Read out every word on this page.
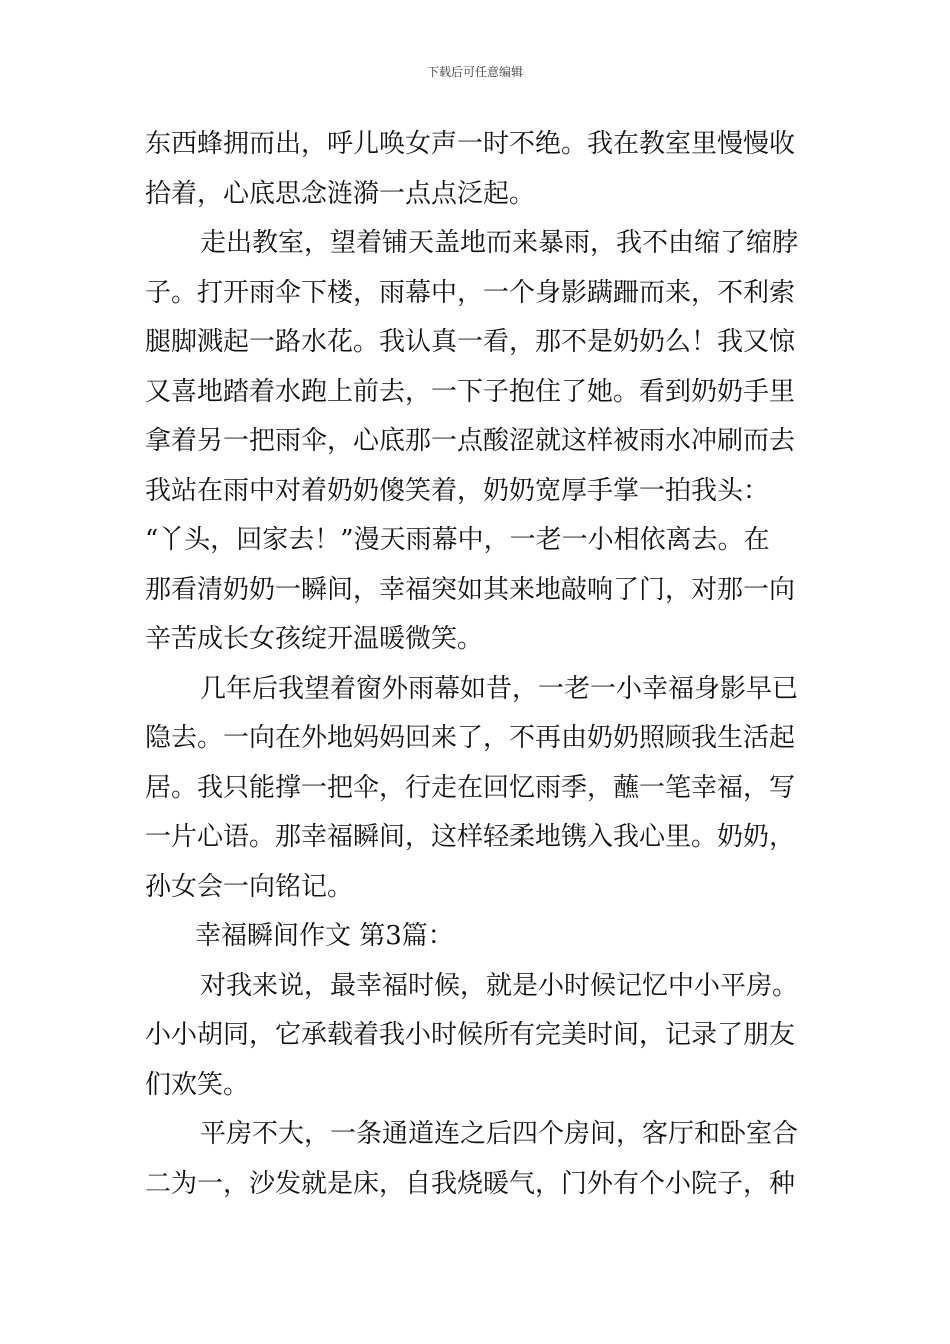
下载后可任意编辑
东西蜂拥而出，呼儿唤女声一时不绝。我在教室里慢慢收
拾着，心底思念涟漪一点点泛起。
走出教室，望着铺天盖地而来暴雨，我不由缩了缩脖
子。打开雨伞下楼，雨幕中，一个身影蹒跚而来，不利索
腿脚溅起一路水花。我认真一看，那不是奶奶么！我又惊
又喜地踏着水跑上前去，一下子抱住了她。看到奶奶手里
拿着另一把雨伞，心底那一点酸涩就这样被雨水冲刷而去
我站在雨中对着奶奶傻笑着，奶奶宽厚手掌一拍我头：
“丫头，回家去！”漫天雨幕中，一老一小相依离去。在
那看清奶奶一瞬间，幸福突如其来地敲响了门，对那一向
辛苦成长女孩绽开温暖微笑。
几年后我望着窗外雨幕如昔，一老一小幸福身影早已
隐去。一向在外地妈妈回来了，不再由奶奶照顾我生活起
居。我只能撑一把伞，行走在回忆雨季，蘸一笔幸福，写
一片心语。那幸福瞬间，这样轻柔地镌入我心里。奶奶，
孙女会一向铭记。
幸福瞬间作文 第3篇：
对我来说，最幸福时候，就是小时候记忆中小平房。
小小胡同，它承载着我小时候所有完美时间，记录了朋友
们欢笑。
平房不大，一条通道连之后四个房间，客厅和卧室合
二为一，沙发就是床，自我烧暖气，门外有个小院子，种
